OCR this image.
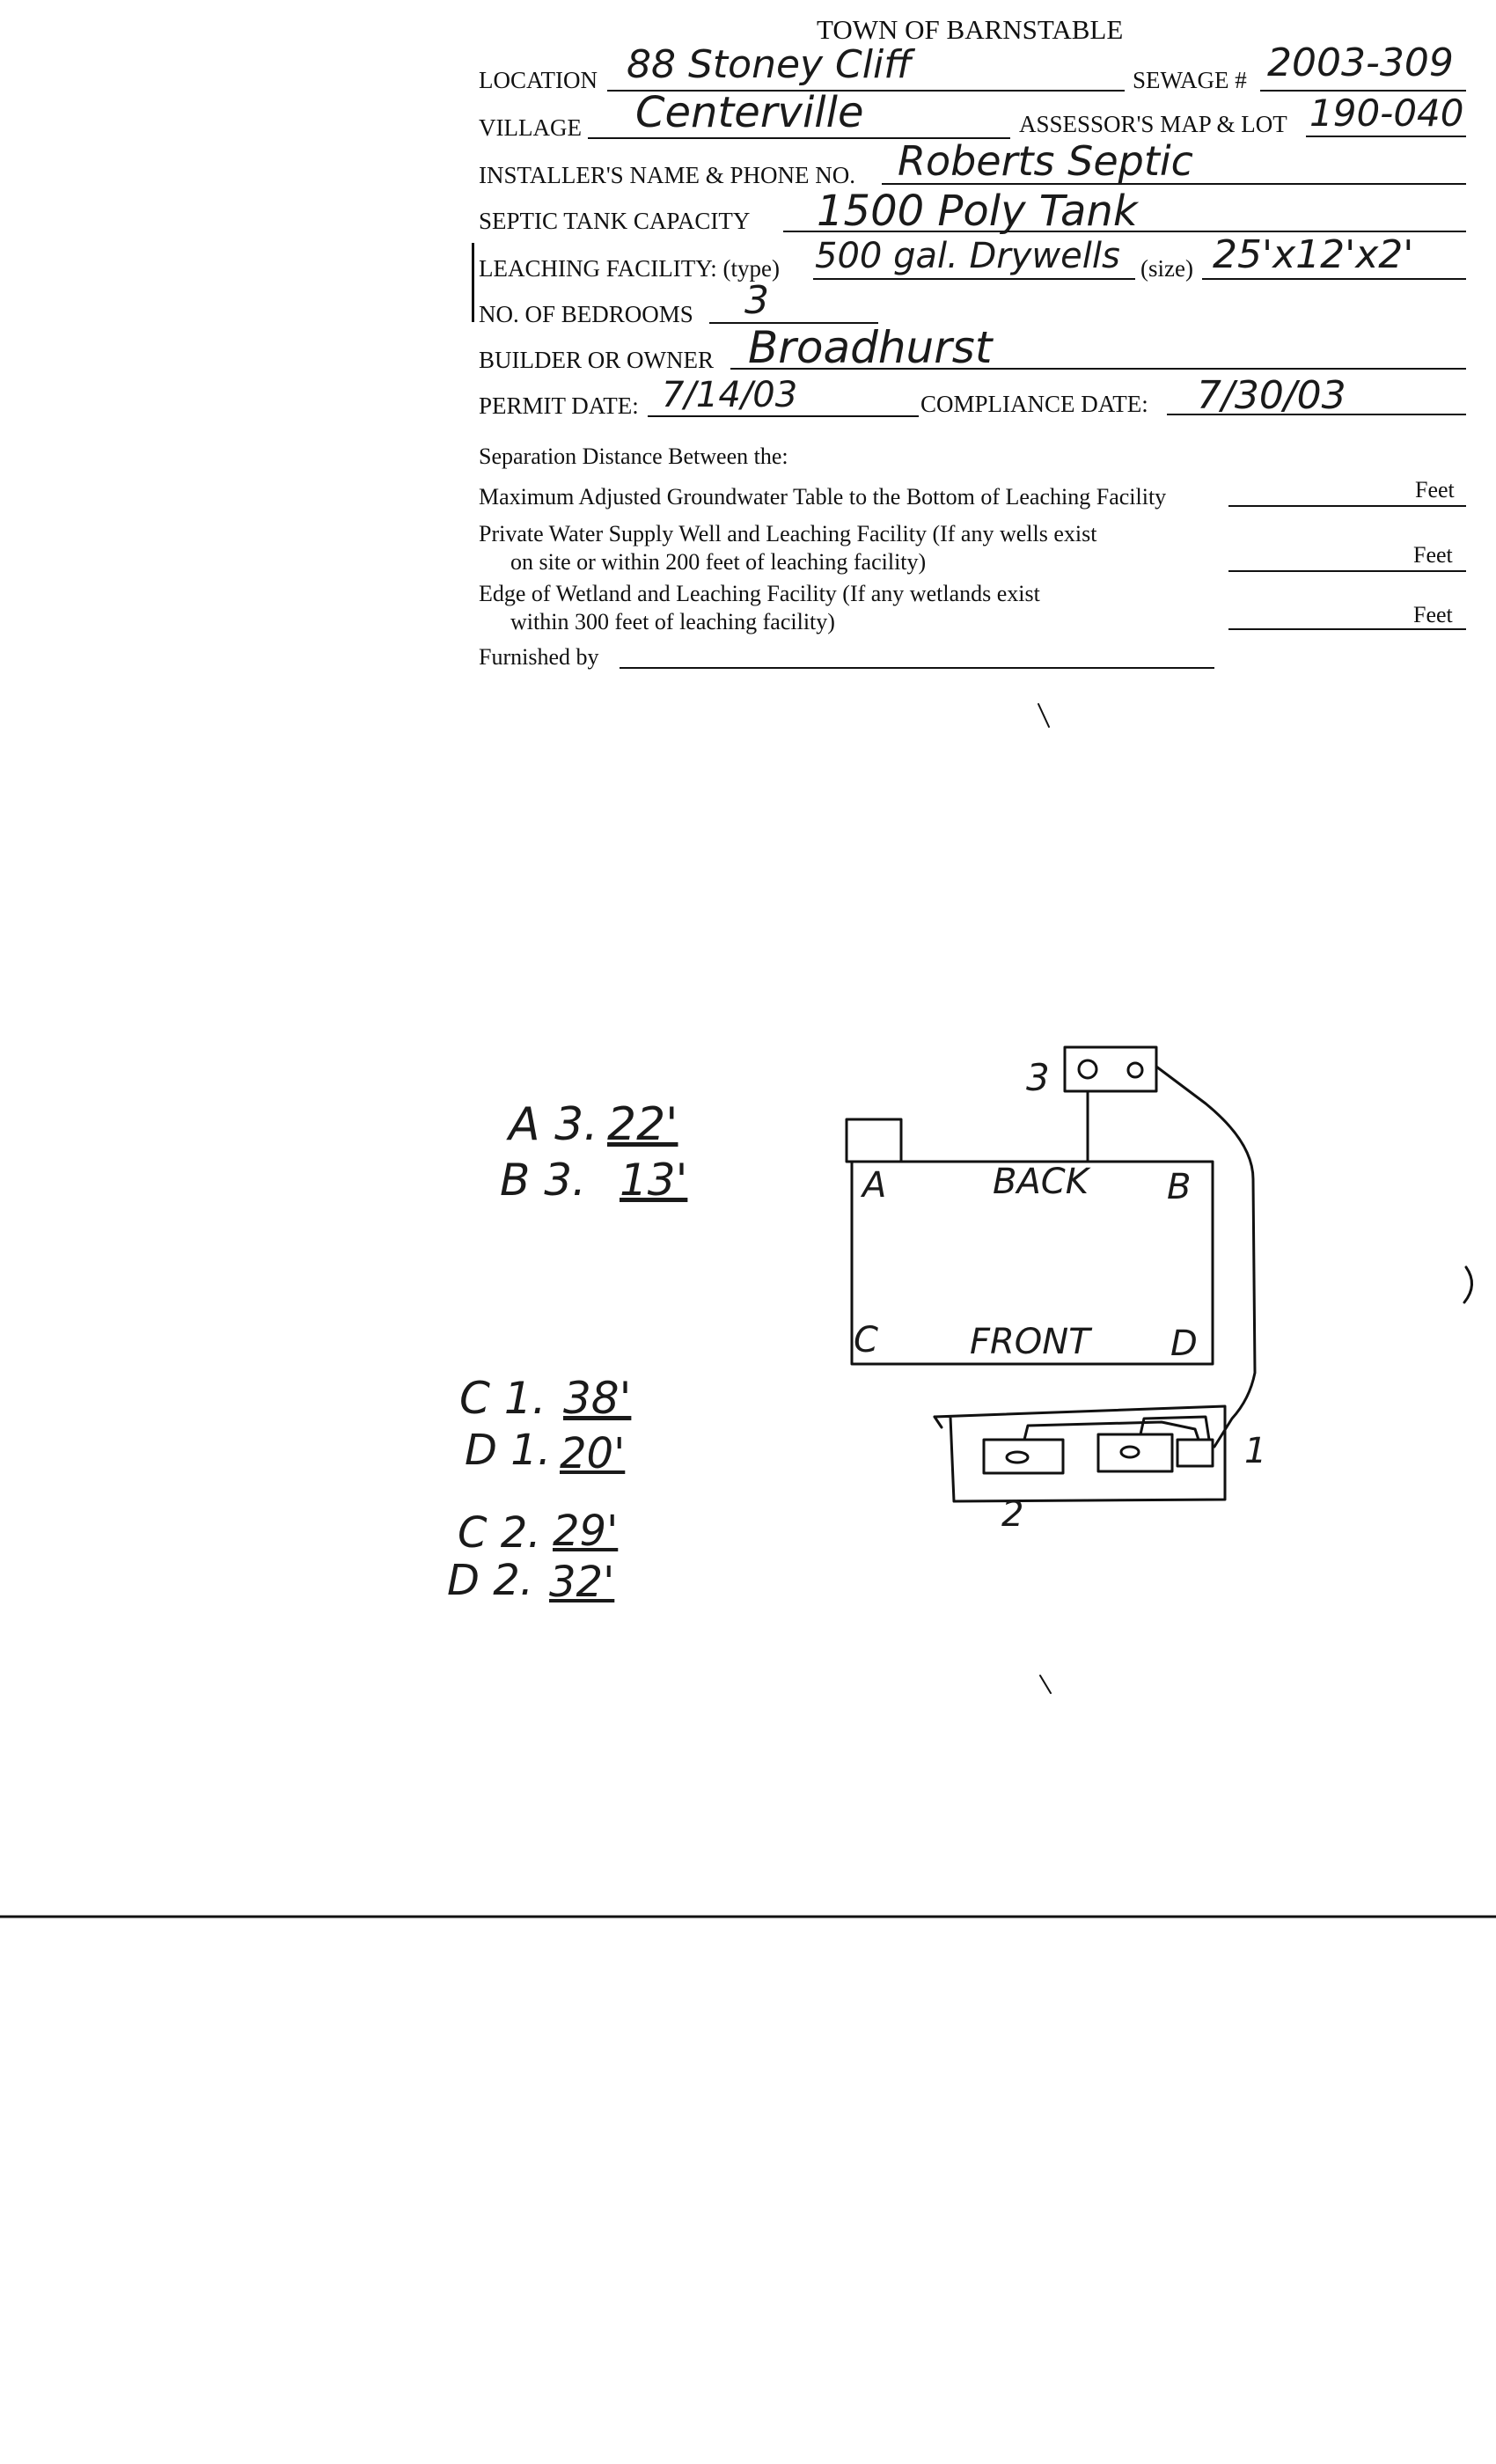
TOWN OF BARNSTABLE
LOCATION 88 Stoney Cliff	SEWAGE # 2003-309
VILLAGE Centerville	ASSESSOR'S MAP & LOT 190-040
INSTALLER'S NAME & PHONE NO. Roberts Septic
SEPTIC TANK CAPACITY 1500 Poly Tank
LEACHING FACILITY: (type) 500 gal. Drywells (size) 25'x12'x2'
NO. OF BEDROOMS 3
BUILDER OR OWNER Broadhurst
PERMIT DATE: 7/14/03	COMPLIANCE DATE: 7/30/03
Separation Distance Between the:
Maximum Adjusted Groundwater Table to the Bottom of Leaching Facility	Feet
Private Water Supply Well and Leaching Facility (If any wells exist
on site or within 200 feet of leaching facility)	Feet
Edge of Wetland and Leaching Facility (If any wetlands exist
within 300 feet of leaching facility)	Feet
Furnished by
A 3. 22'
B 3. 13'
C 1. 38'
D 1. 20'
C 2. 29'
D 2. 32'
BACK
FRONT
A	B
C	D
3
1
2
